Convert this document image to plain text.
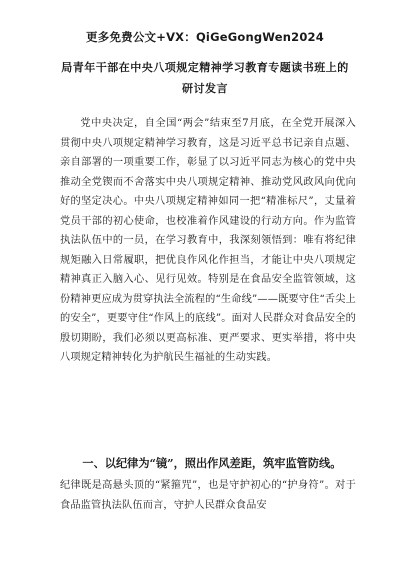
更多免费公文+VX：QiGeGongWen2024
局青年干部在中央八项规定精神学习教育专题读书班上的
研讨发言

党中央决定，自全国“两会”结束至7月底，在全党开展深入贯彻中央八项规定精神学习教育，这是习近平总书记亲自点题、亲自部署的一项重要工作，彰显了以习近平同志为核心的党中央推动全党锲而不舍落实中央八项规定精神、推动党风政风向优向好的坚定决心。中央八项规定精神如同一把“精准标尺”，丈量着党员干部的初心使命，也校准着作风建设的行动方向。作为监管执法队伍中的一员，在学习教育中，我深刻领悟到：唯有将纪律规矩融入日常履职，把优良作风化作担当，才能让中央八项规定精神真正入脑入心、见行见效。特别是在食品安全监管领域，这份精神更应成为贯穿执法全流程的“生命线”——既要守住“舌尖上的安全”，更要守住“作风上的底线”。面对人民群众对食品安全的殷切期盼，我们必须以更高标准、更严要求、更实举措，将中央八项规定精神转化为护航民生福祉的生动实践。

一、以纪律为“镜”，照出作风差距，筑牢监管防线。

纪律既是高悬头顶的“紧箍咒”，也是守护初心的“护身符”。对于食品监管执法队伍而言，守护人民群众食品安
